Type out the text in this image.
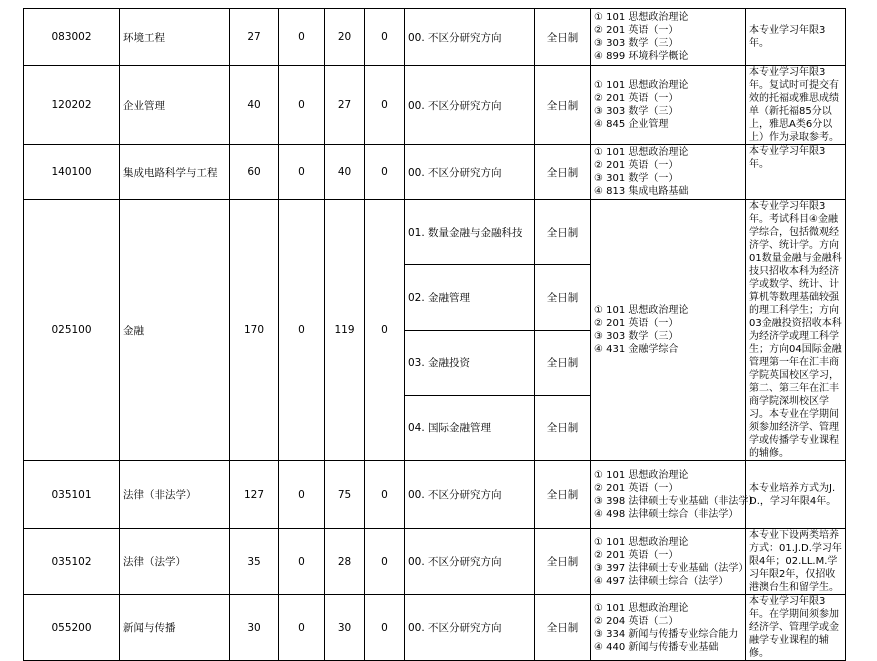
083002	环境工程	27	0	20	0	00. 不区分研究方向	全日制	① 101 思想政治理论
② 201 英语（一）
③ 303 数学（三）
④ 899 环境科学概论	本专业学习年限3年。
120202	企业管理	40	0	27	0	00. 不区分研究方向	全日制	① 101 思想政治理论
② 201 英语（一）
③ 303 数学（三）
④ 845 企业管理	本专业学习年限3年。复试时可提交有效的托福或雅思成绩单（新托福85分以上，雅思A类6分以上）作为录取参考。
140100	集成电路科学与工程	60	0	40	0	00. 不区分研究方向	全日制	① 101 思想政治理论
② 201 英语（一）
③ 301 数学（一）
④ 813 集成电路基础	本专业学习年限3年。
025100	金融	170	0	119	0	01. 数量金融与金融科技	全日制	① 101 思想政治理论
② 201 英语（一）
③ 303 数学（三）
④ 431 金融学综合	本专业学习年限3年。考试科目④金融学综合，包括微观经济学、统计学。方向01数量金融与金融科技只招收本科为经济学或数学、统计、计算机等数理基础较强的理工科学生；方向03金融投资招收本科为经济学或理工科学生；方向04国际金融管理第一年在汇丰商学院英国校区学习，第二、第三年在汇丰商学院深圳校区学习。本专业在学期间须参加经济学、管理学或传播学专业课程的辅修。
						02. 金融管理	全日制		
						03. 金融投资	全日制		
						04. 国际金融管理	全日制		
035101	法律（非法学）	127	0	75	0	00. 不区分研究方向	全日制	① 101 思想政治理论
② 201 英语（一）
③ 398 法律硕士专业基础（非法学）
④ 498 法律硕士综合（非法学）	本专业培养方式为J.D.，学习年限4年。
035102	法律（法学）	35	0	28	0	00. 不区分研究方向	全日制	① 101 思想政治理论
② 201 英语（一）
③ 397 法律硕士专业基础（法学）
④ 497 法律硕士综合（法学）	本专业下设两类培养方式：01.J.D.学习年限4年；02.LL.M.学习年限2年，仅招收港澳台生和留学生。
055200	新闻与传播	30	0	30	0	00. 不区分研究方向	全日制	① 101 思想政治理论
② 204 英语（二）
③ 334 新闻与传播专业综合能力
④ 440 新闻与传播专业基础	本专业学习年限3年。在学期间须参加经济学、管理学或金融学专业课程的辅修。
